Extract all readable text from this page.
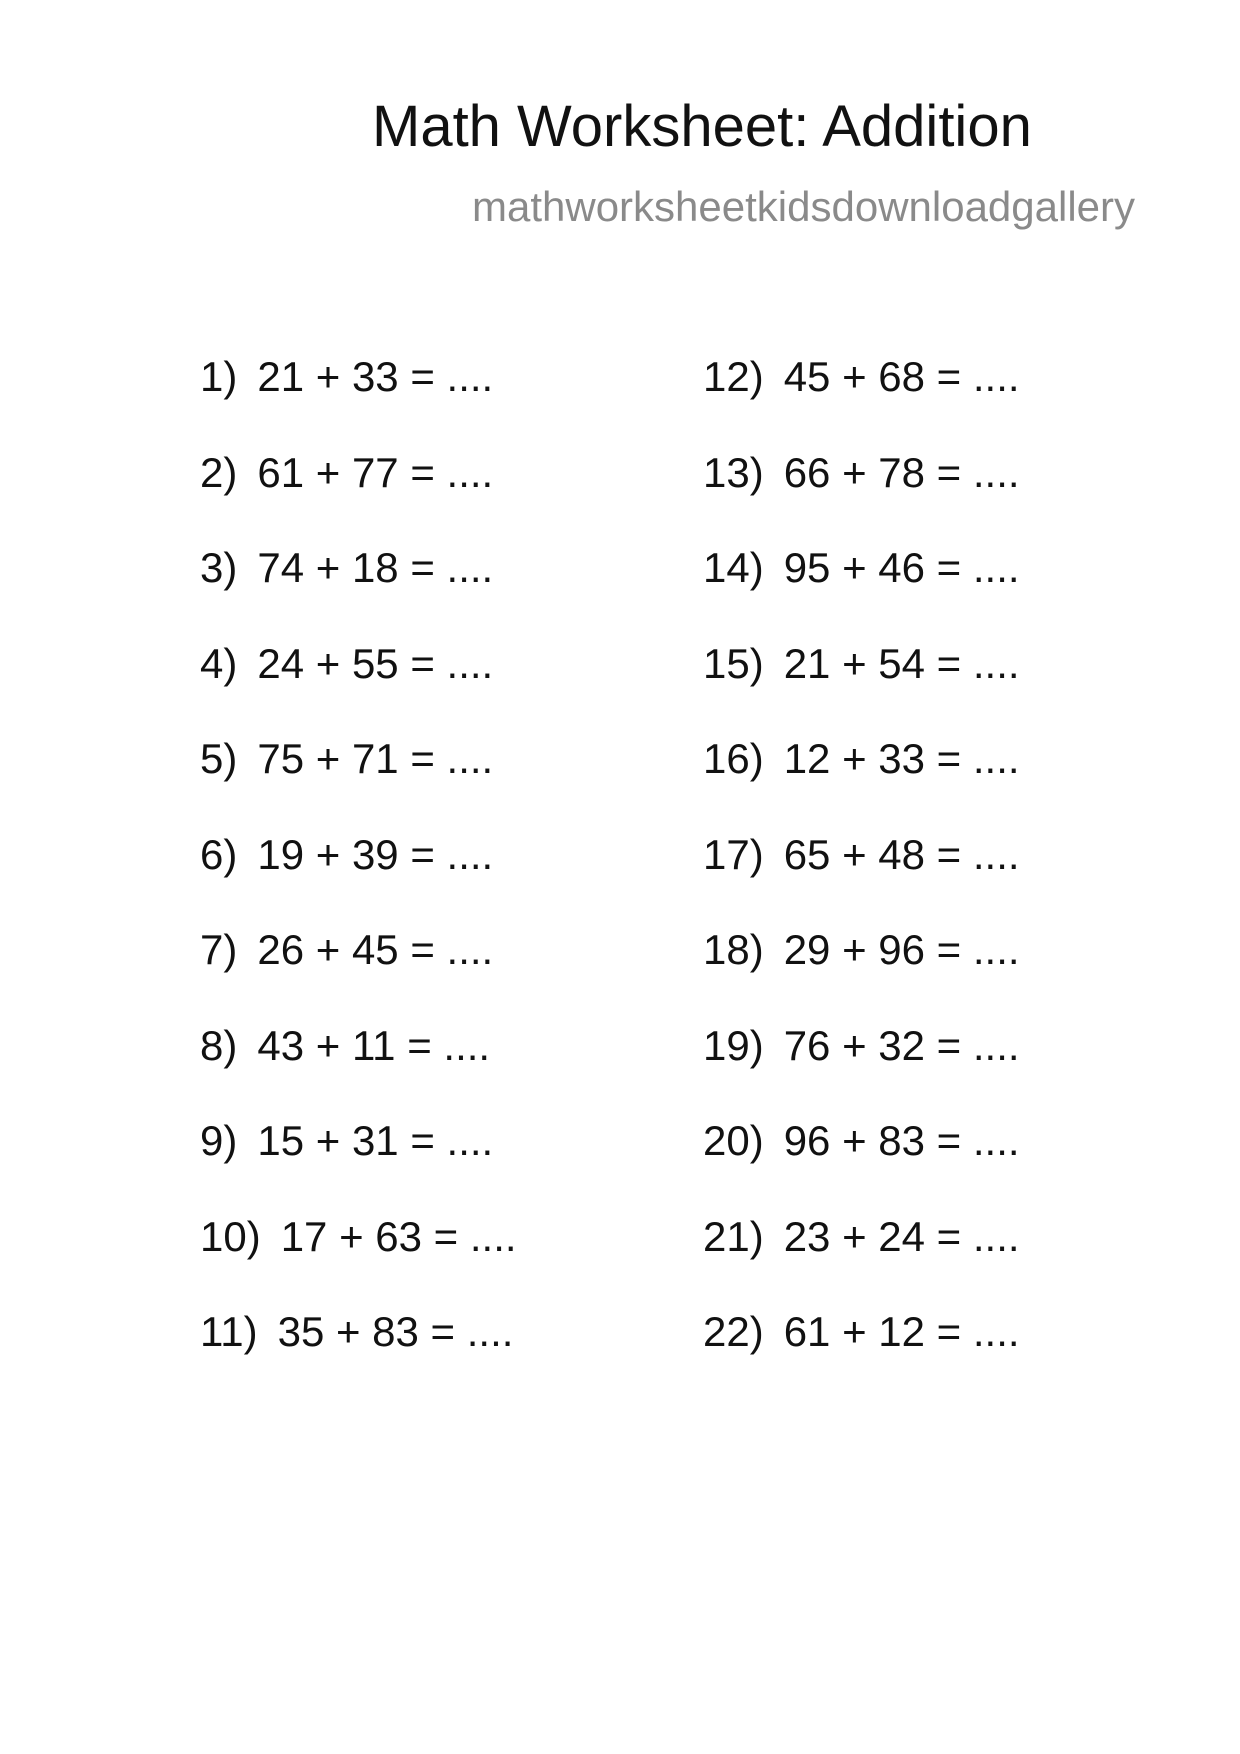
Math Worksheet: Addition
mathworksheetkidsdownloadgallery
1) 21 + 33 = ....
2) 61 + 77 = ....
3) 74 + 18 = ....
4) 24 + 55 = ....
5) 75 + 71 = ....
6) 19 + 39 = ....
7) 26 + 45 = ....
8) 43 + 11 = ....
9) 15 + 31 = ....
10) 17 + 63 = ....
11) 35 + 83 = ....
12) 45 + 68 = ....
13) 66 + 78 = ....
14) 95 + 46 = ....
15) 21 + 54 = ....
16) 12 + 33 = ....
17) 65 + 48 = ....
18) 29 + 96 = ....
19) 76 + 32 = ....
20) 96 + 83 = ....
21) 23 + 24 = ....
22) 61 + 12 = ....
